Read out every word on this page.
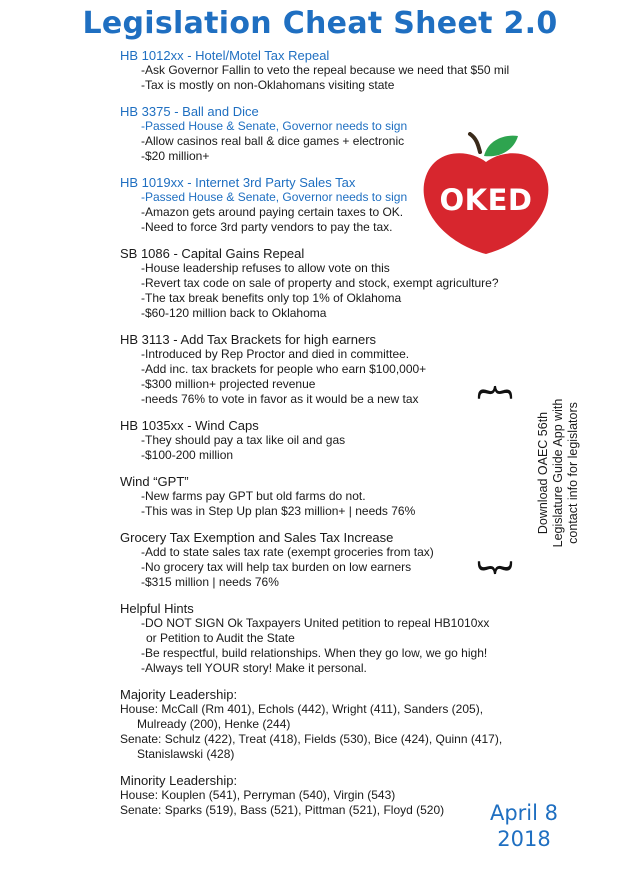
Legislation Cheat Sheet 2.0
HB 1012xx - Hotel/Motel Tax Repeal
-Ask Governor Fallin to veto the repeal because we need that $50 mil
-Tax is mostly on non-Oklahomans visiting state
HB 3375 - Ball and Dice
-Passed House & Senate, Governor needs to sign
-Allow casinos real ball & dice games + electronic
-$20 million+
HB 1019xx - Internet 3rd Party Sales Tax
-Passed House & Senate, Governor needs to sign
-Amazon gets around paying certain taxes to OK.
-Need to force 3rd party vendors to pay the tax.
SB 1086 - Capital Gains Repeal
-House leadership refuses to allow vote on this
-Revert tax code on sale of property and stock, exempt agriculture?
-The tax break benefits only top 1% of Oklahoma
-$60-120 million back to Oklahoma
HB 3113 - Add Tax Brackets for high earners
-Introduced by Rep Proctor and died in committee.
-Add inc. tax brackets for people who earn $100,000+
-$300 million+ projected revenue
-needs 76% to vote in favor as it would be a new tax
HB 1035xx - Wind Caps
-They should pay a tax like oil and gas
-$100-200 million
Wind “GPT”
-New farms pay GPT but old farms do not.
-This was in Step Up plan $23 million+ | needs 76%
Grocery Tax Exemption and Sales Tax Increase
-Add to state sales tax rate (exempt groceries from tax)
-No grocery tax will help tax burden on low earners
-$315 million | needs 76%
Helpful Hints
-DO NOT SIGN Ok Taxpayers United petition to repeal HB1010xx
or Petition to Audit the State
-Be respectful, build relationships. When they go low, we go high!
-Always tell YOUR story! Make it personal.
Majority Leadership:
House: McCall (Rm 401), Echols (442), Wright (411), Sanders (205),
Mulready (200), Henke (244)
Senate: Schulz (422), Treat (418), Fields (530), Bice (424), Quinn (417),
Stanislawski (428)
Minority Leadership:
House: Kouplen (541), Perryman (540), Virgin (543)
Senate: Sparks (519), Bass (521), Pittman (521), Floyd (520)
OKED
︷
Download OAEC 56th Legislature Guide App with contact info for legislators
︸
April 8
2018
